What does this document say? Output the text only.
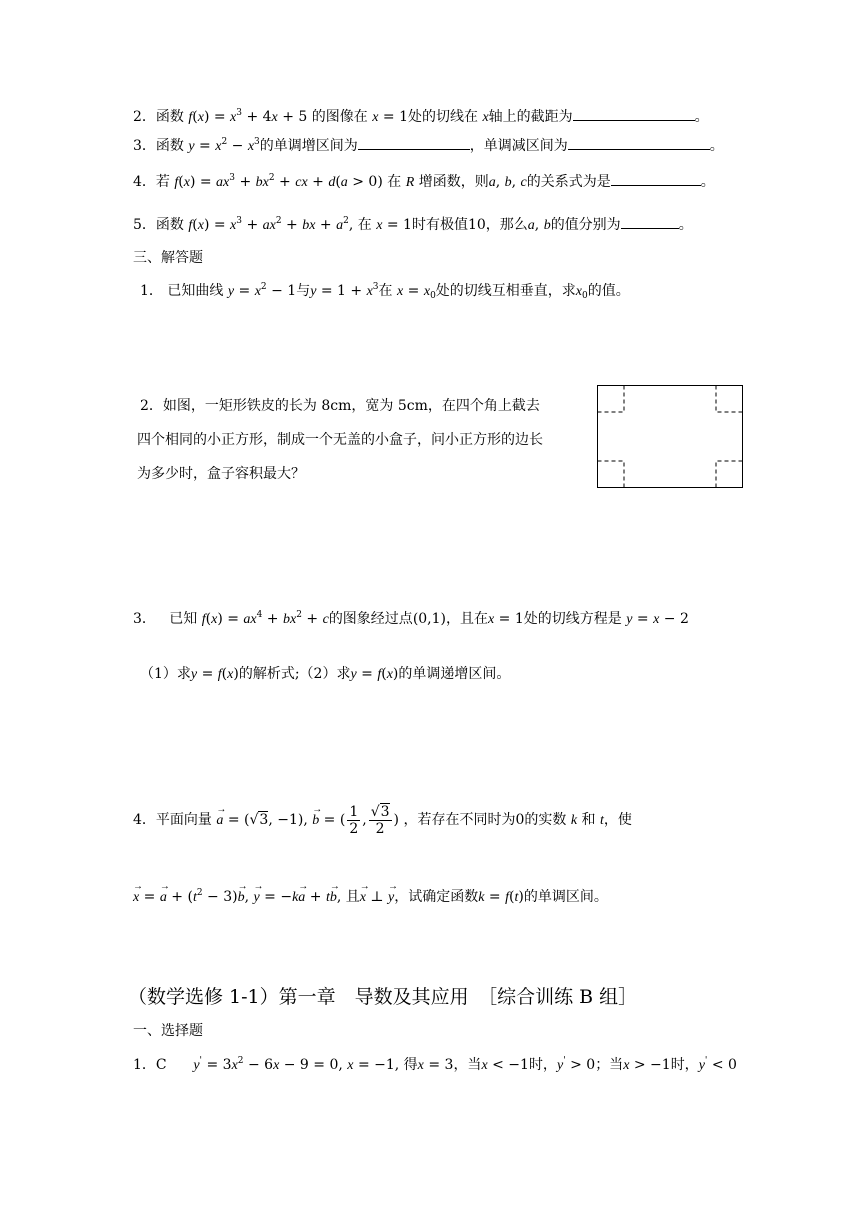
2．函数 $f(x) = x^3 + 4x + 5$ 的图像在 x = 1处的切线在 x轴上的截距为	。
3．函数 $y = x^2 - x^3$的单调增区间为	，单调减区间为	。
4．若 $f(x) = ax^3 + bx^2$ + cx + d(a > 0) 在 R 增函数，则a, b, c的关系式为是	。
5．函数 $f(x) = x^3 + ax^2$ + bx + $a^2$, 在 x = 1时有极值10，那么a, b的值分别为	。
三、解答题
1． 已知曲线 $y = x^2 - 1$与$y = 1 + x^3$在 $x = x_0$处的切线互相垂直，求$x_0$的值。
2．如图，一矩形铁皮的长为 8cm，宽为 5cm，在四个角上截去
四个相同的小正方形，制成一个无盖的小盒子，问小正方形的边长
为多少时，盒子容积最大？
3． 已知 $f(x) = ax^4 + bx^2 + c$的图象经过点(0,1)，且在x = 1处的切线方程是 y = x − 2
（1）求y = f(x)的解析式;（2）求y = f(x)的单调递增区间。
4．平面向量 → a = (√3, −1), → b = ( $\frac{1}{2}$ , $\frac{√3}{2}$ ) ，若存在不同时为0的实数 k 和 t，使
→ x = → $a + (t^2 - 3)\to b$, → y = −k→ a + t→ b, 且→ x ⊥ → y，试确定函数k = f(t)的单调区间。
（数学选修 1-1）第一章　导数及其应用　［综合训练 B 组］
一、选择题
1．C $y' = 3x^2 - 6x - 9 = 0$, x = −1, 得x = 3，当x < −1时，y' > 0；当x > −1时，y' < 0
